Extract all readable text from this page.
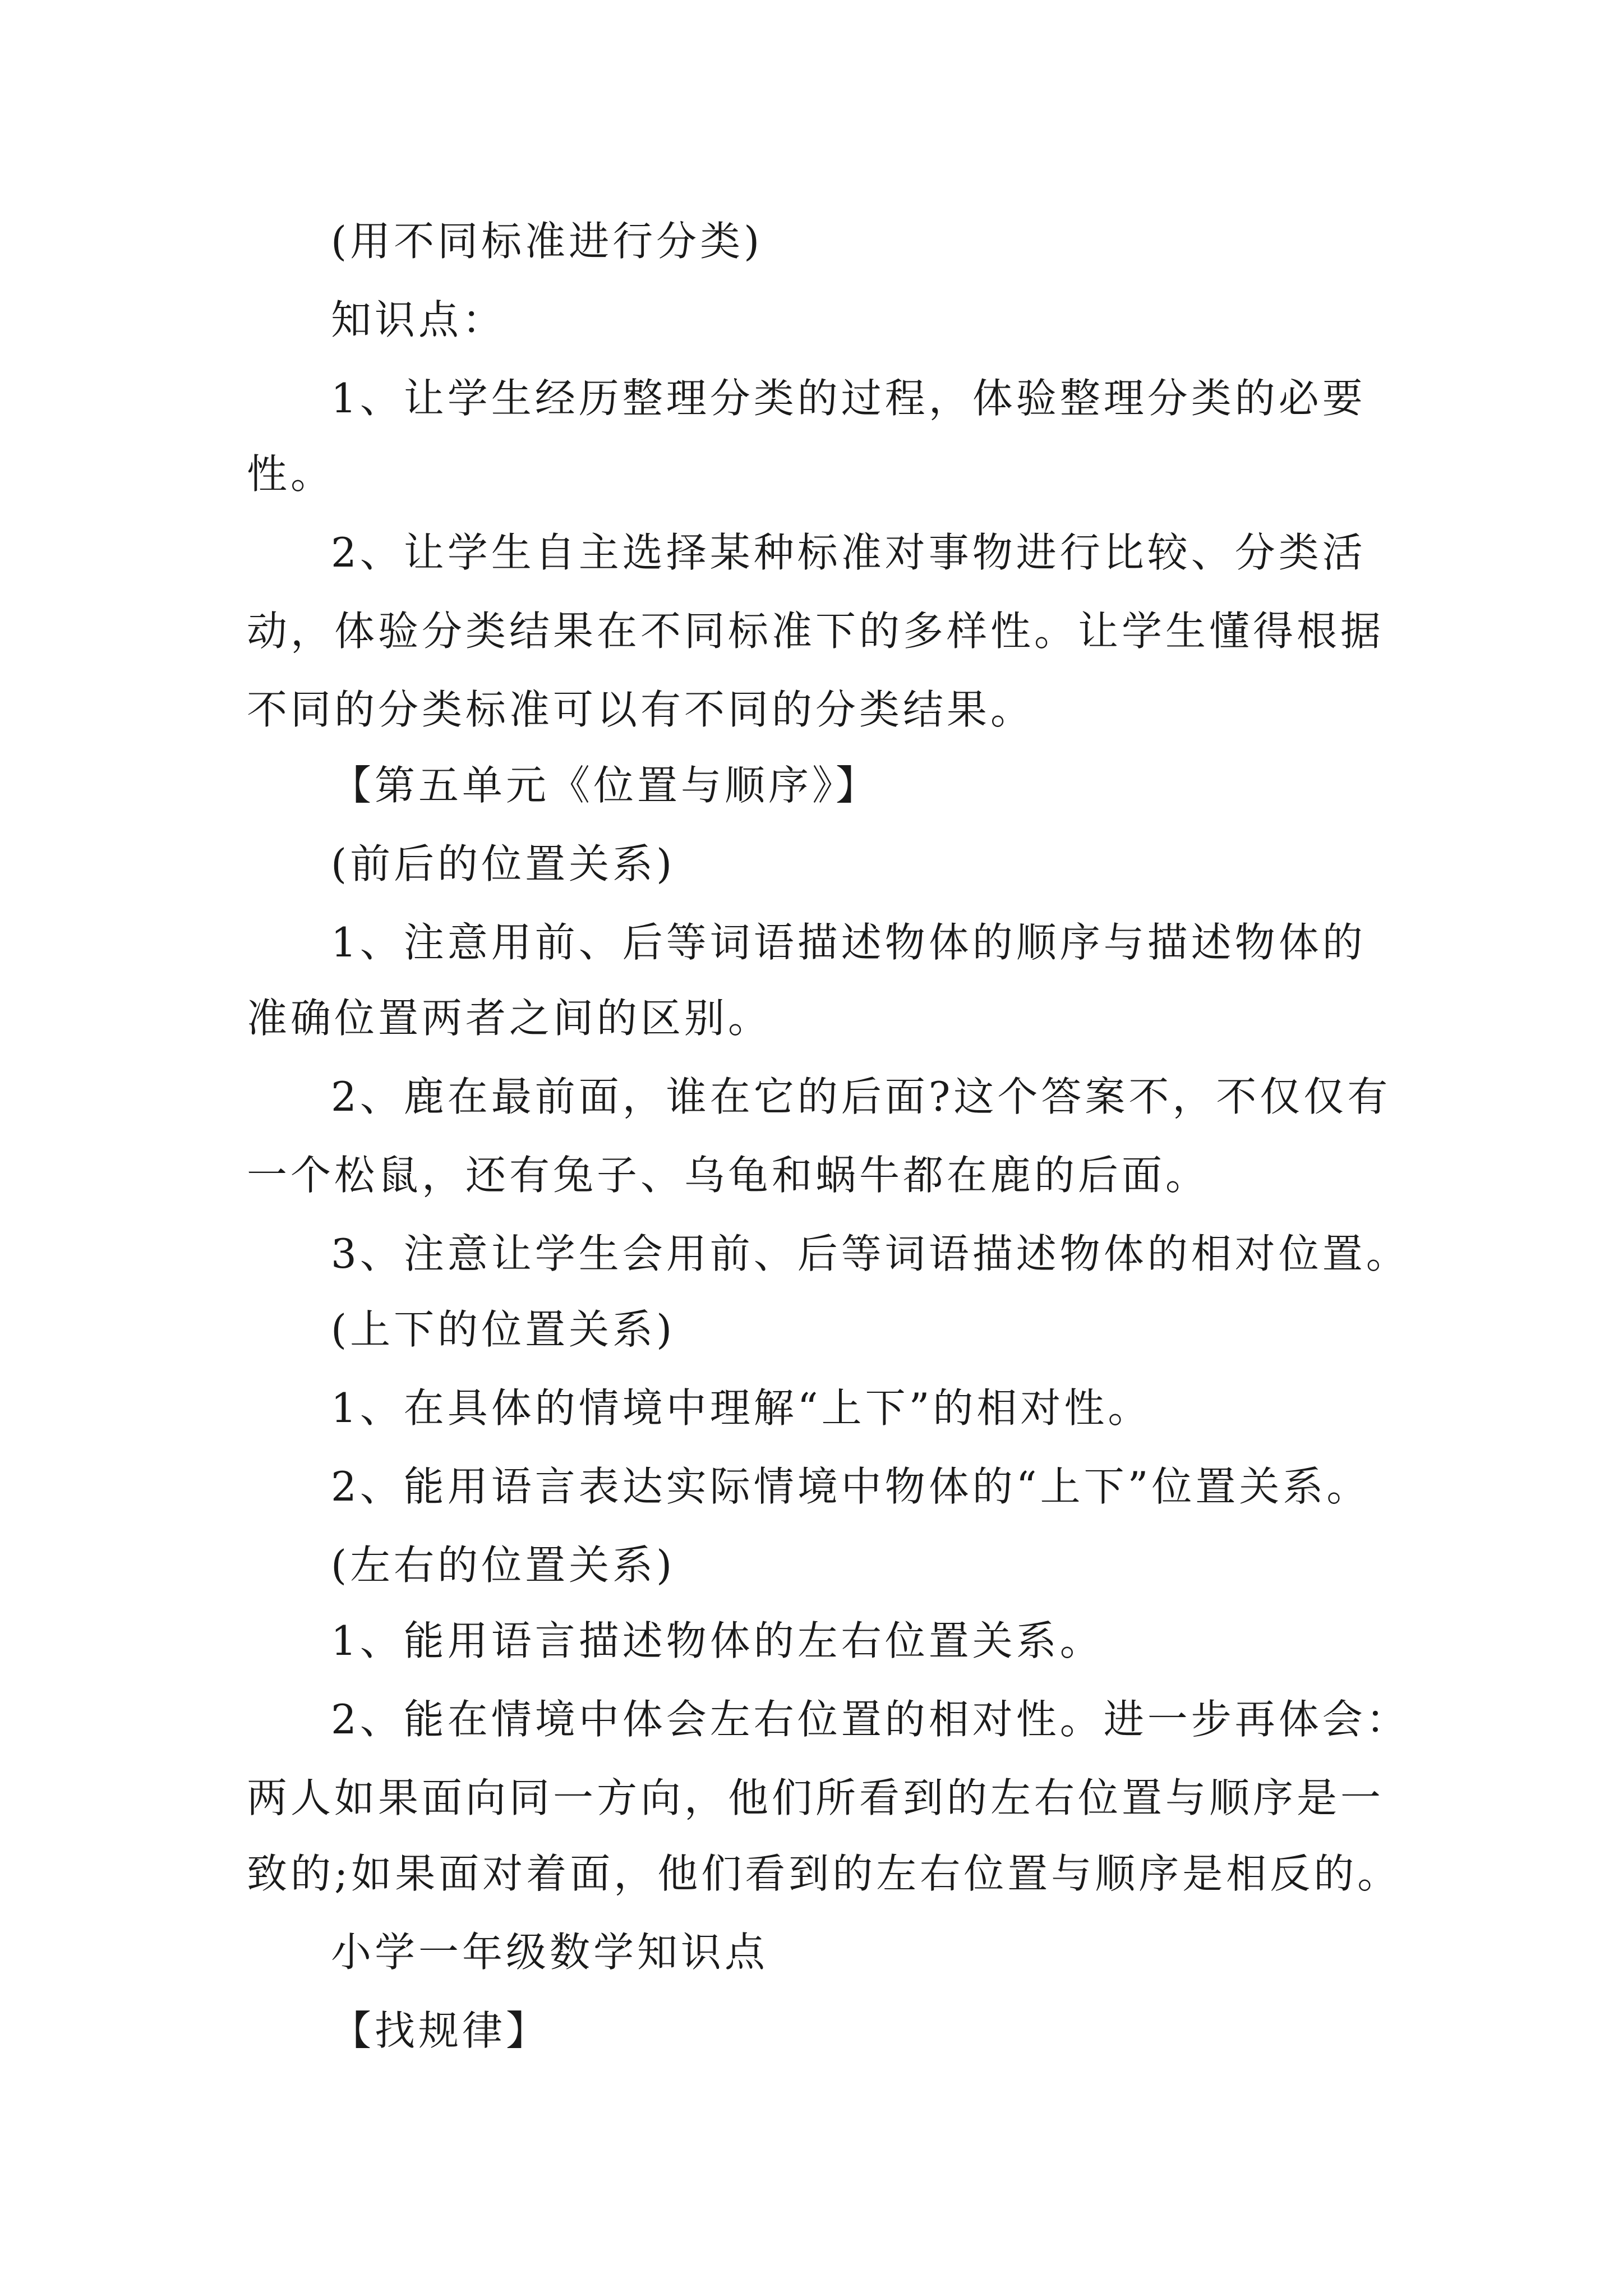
(用不同标准进行分类)
知识点：
1、让学生经历整理分类的过程，体验整理分类的必要
性。
2、让学生自主选择某种标准对事物进行比较、分类活
动，体验分类结果在不同标准下的多样性。让学生懂得根据
不同的分类标准可以有不同的分类结果。
【第五单元《位置与顺序》】
(前后的位置关系)
1、注意用前、后等词语描述物体的顺序与描述物体的
准确位置两者之间的区别。
2、鹿在最前面，谁在它的后面?这个答案不，不仅仅有
一个松鼠，还有兔子、乌龟和蜗牛都在鹿的后面。
3、注意让学生会用前、后等词语描述物体的相对位置。
(上下的位置关系)
1、在具体的情境中理解“上下”的相对性。
2、能用语言表达实际情境中物体的“上下”位置关系。
(左右的位置关系)
1、能用语言描述物体的左右位置关系。
2、能在情境中体会左右位置的相对性。进一步再体会：
两人如果面向同一方向，他们所看到的左右位置与顺序是一
致的;如果面对着面，他们看到的左右位置与顺序是相反的。
小学一年级数学知识点
【找规律】
